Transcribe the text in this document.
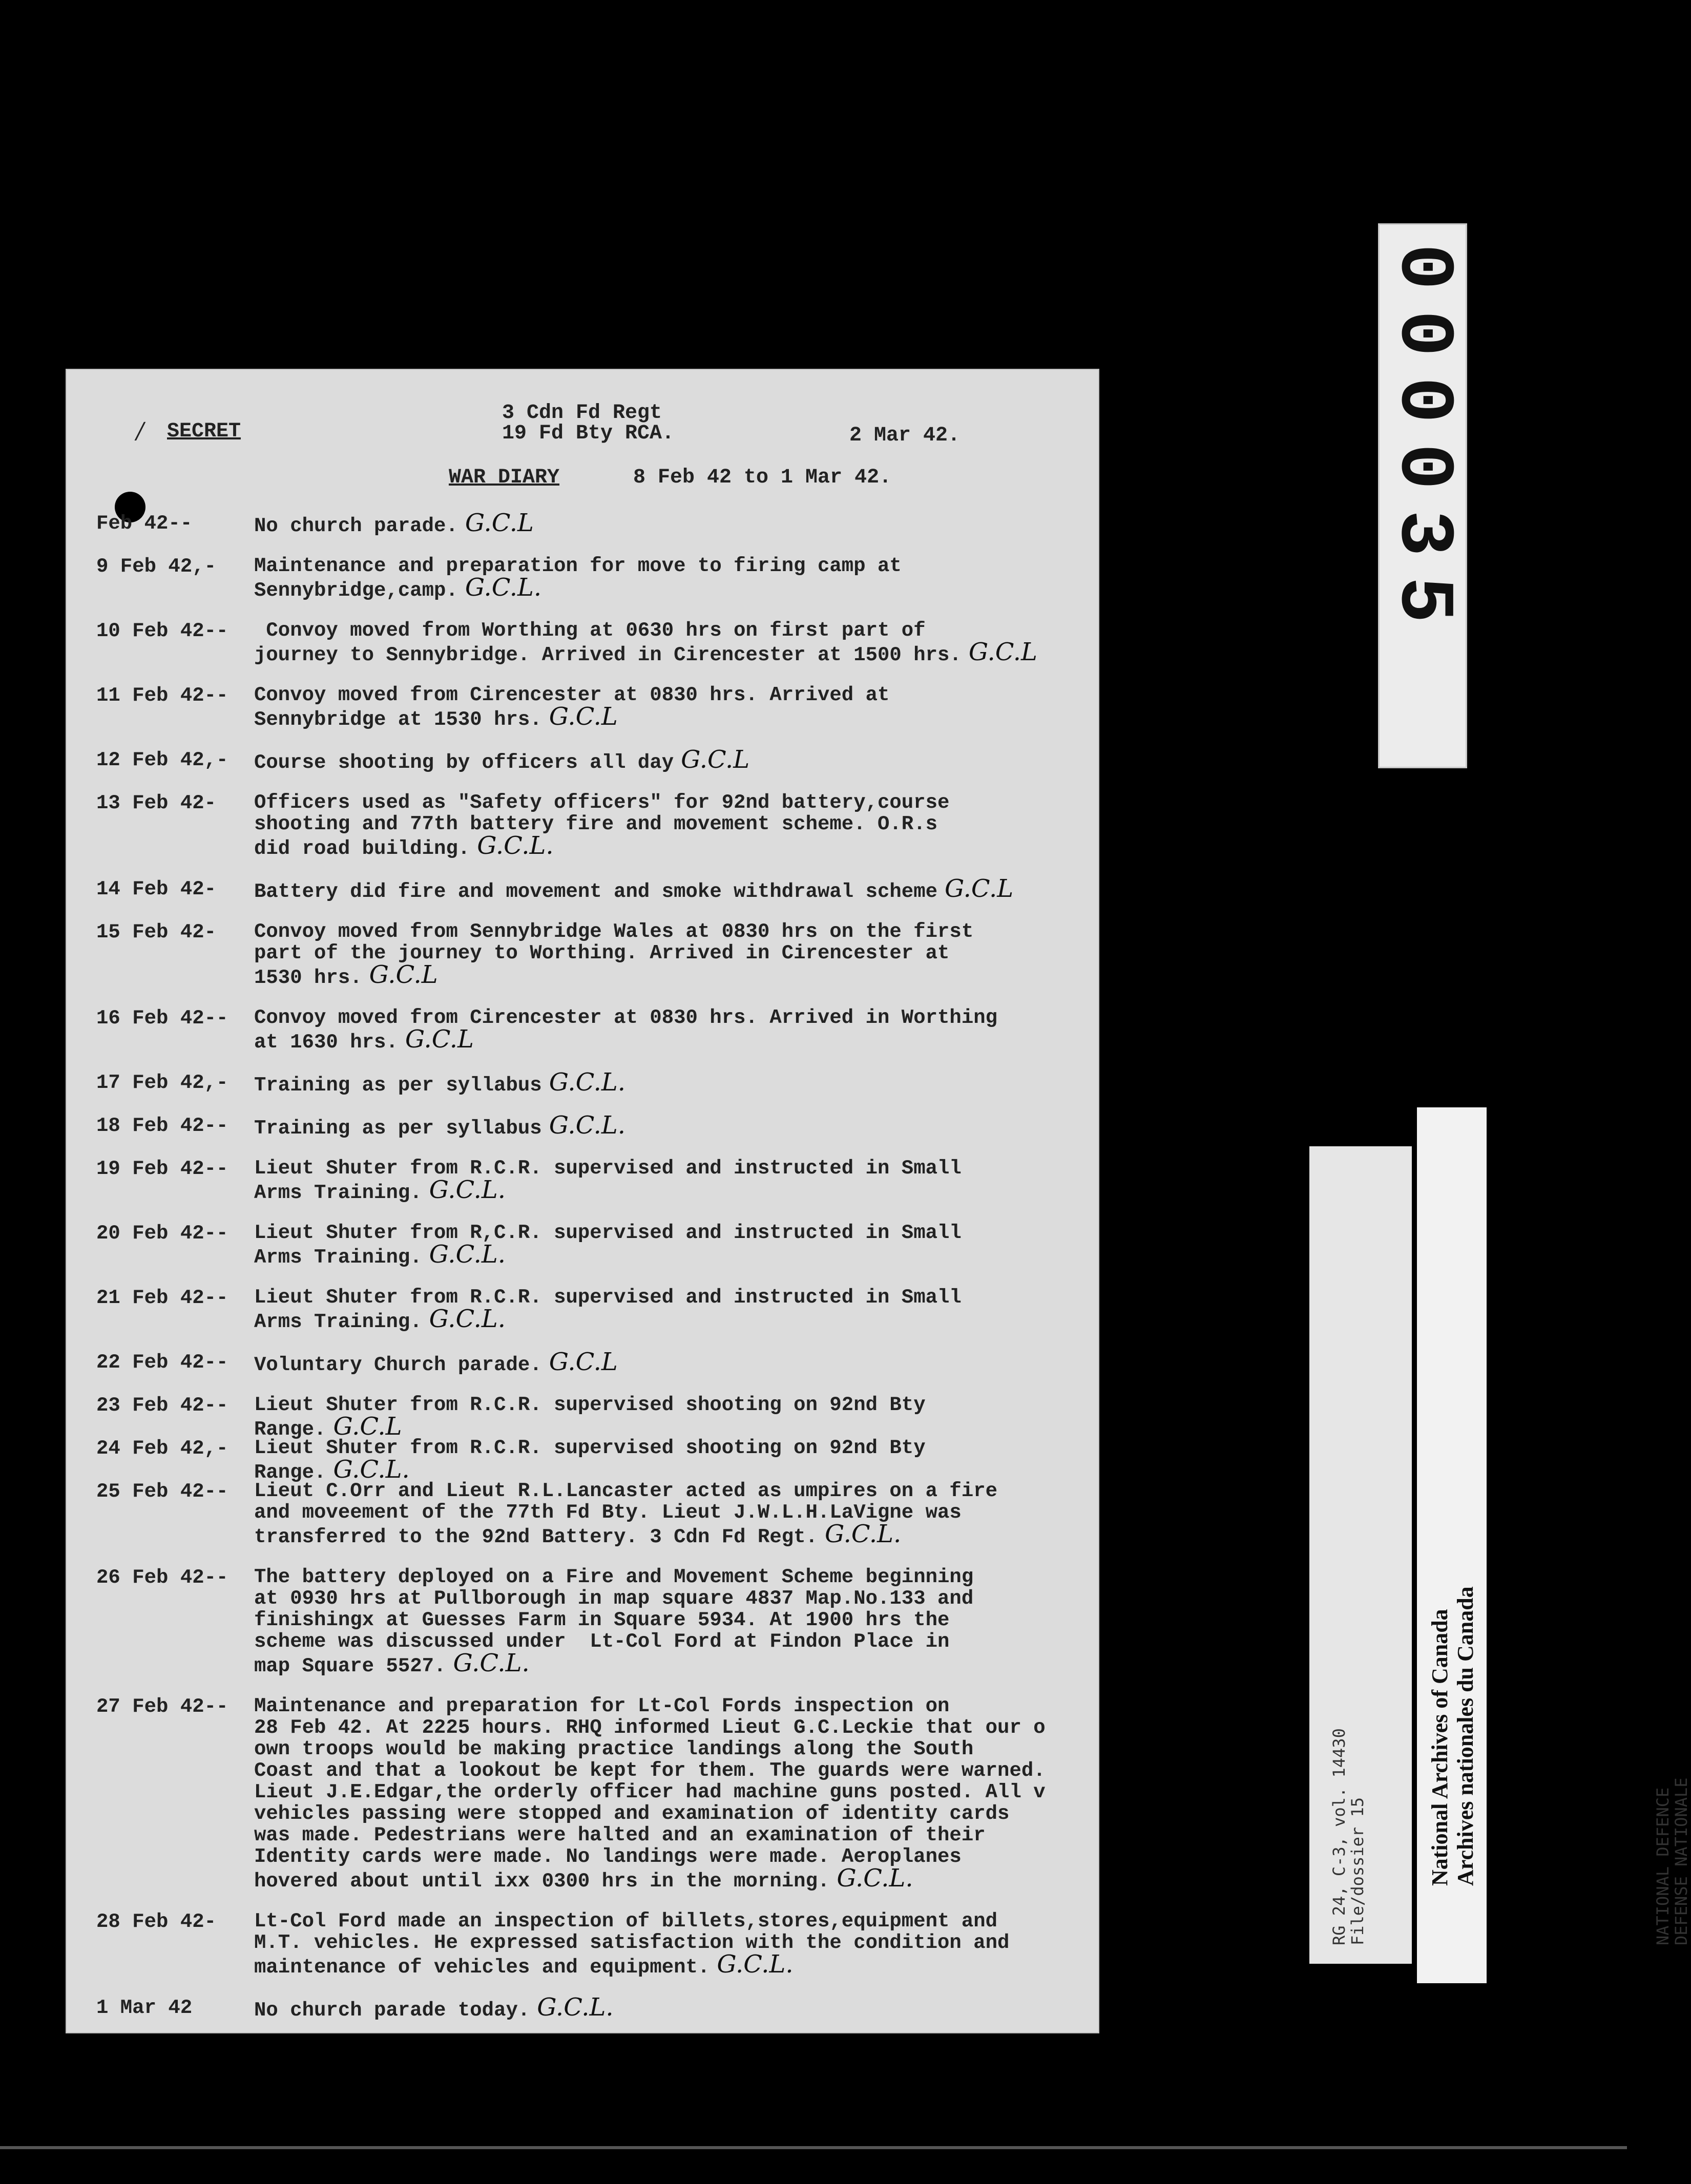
/ SECRET
3 Cdn Fd Regt
19 Fd Bty RCA.	2 Mar 42.
WAR DIARY	8 Feb 42 to 1 Mar 42.
Feb 42--	No church parade. G.C.L
9 Feb 42,-	Maintenance and preparation for move to firing camp at
Sennybridge,camp. G.C.L.
10 Feb 42--	Convoy moved from Worthing at 0630 hrs on first part of
journey to Sennybridge. Arrived in Cirencester at 1500 hrs. G.C.L
11 Feb 42--	Convoy moved from Cirencester at 0830 hrs. Arrived at
Sennybridge at 1530 hrs. G.C.L
12 Feb 42,-	Course shooting by officers all day G.C.L
13 Feb 42-	Officers used as "Safety officers" for 92nd battery,course
shooting and 77th battery fire and movement scheme. O.R.s
did road building. G.C.L.
14 Feb 42-	Battery did fire and movement and smoke withdrawal scheme G.C.L
15 Feb 42-	Convoy moved from Sennybridge Wales at 0830 hrs on the first
part of the journey to Worthing. Arrived in Cirencester at
1530 hrs. G.C.L
16 Feb 42--	Convoy moved from Cirencester at 0830 hrs. Arrived in Worthing
at 1630 hrs. G.C.L
17 Feb 42,-	Training as per syllabus G.C.L.
18 Feb 42--	Training as per syllabus G.C.L.
19 Feb 42--	Lieut Shuter from R.C.R. supervised and instructed in Small
Arms Training. G.C.L.
20 Feb 42--	Lieut Shuter from R,C.R. supervised and instructed in Small
Arms Training. G.C.L.
21 Feb 42--	Lieut Shuter from R.C.R. supervised and instructed in Small
Arms Training. G.C.L.
22 Feb 42--	Voluntary Church parade. G.C.L
23 Feb 42--	Lieut Shuter from R.C.R. supervised shooting on 92nd Bty Range. G.C.L
24 Feb 42,-	Lieut Shuter from R.C.R. supervised shooting on 92nd Bty Range. G.C.L.
25 Feb 42--	Lieut C.Orr and Lieut R.L.Lancaster acted as umpires on a fire
and moveement of the 77th Fd Bty. Lieut J.W.L.H.LaVigne was
transferred to the 92nd Battery. 3 Cdn Fd Regt. G.C.L.
26 Feb 42--	The battery deployed on a Fire and Movement Scheme beginning
at 0930 hrs at Pullborough in map square 4837 Map.No.133 and
finishingx at Guesses Farm in Square 5934. At 1900 hrs the
scheme was discussed under  Lt-Col Ford at Findon Place in
map Square 5527. G.C.L.
27 Feb 42--	Maintenance and preparation for Lt-Col Fords inspection on
28 Feb 42. At 2225 hours. RHQ informed Lieut G.C.Leckie that our o
own troops would be making practice landings along the South
Coast and that a lookout be kept for them. The guards were warned.
Lieut J.E.Edgar,the orderly officer had machine guns posted. All v
vehicles passing were stopped and examination of identity cards
was made. Pedestrians were halted and an examination of their
Identity cards were made. No landings were made. Aeroplanes
hovered about until ixx 0300 hrs in the morning. G.C.L.
28 Feb 42-	Lt-Col Ford made an inspection of billets,stores,equipment and
M.T. vehicles. He expressed satisfaction with the condition and
maintenance of vehicles and equipment. G.C.L.
1 Mar 42	No church parade today. G.C.L.
000035
RG 24, C-3, vol. 14430
File/dossier 15	NATIONAL DEFENCE
DEFENSE NATIONALE
National Archives of Canada Archives nationales du Canada
